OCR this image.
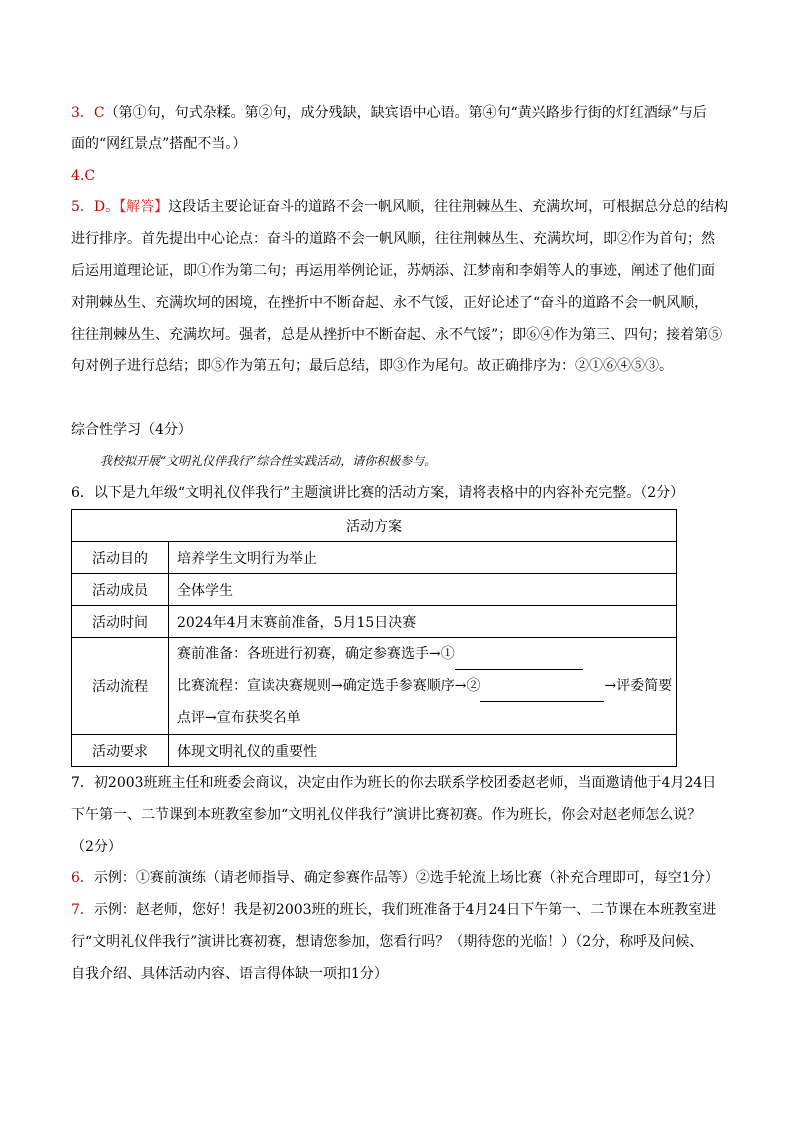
3．C（第①句，句式杂糅。第②句，成分残缺，缺宾语中心语。第④句“黄兴路步行街的灯红酒绿”与后
面的“网红景点”搭配不当。）
4.C
5．D。【解答】这段话主要论证奋斗的道路不会一帆风顺，往往荆棘丛生、充满坎坷，可根据总分总的结构
进行排序。首先提出中心论点：奋斗的道路不会一帆风顺，往往荆棘丛生、充满坎坷，即②作为首句；然
后运用道理论证，即①作为第二句；再运用举例论证，苏炳添、江梦南和李娟等人的事迹，阐述了他们面
对荆棘丛生、充满坎坷的困境，在挫折中不断奋起、永不气馁，正好论述了“奋斗的道路不会一帆风顺，
往往荆棘丛生、充满坎坷。强者，总是从挫折中不断奋起、永不气馁”；即⑥④作为第三、四句；接着第⑤
句对例子进行总结；即⑤作为第五句；最后总结，即③作为尾句。故正确排序为：②①⑥④⑤③。
综合性学习（4分）
我校拟开展“文明礼仪伴我行”综合性实践活动，请你积极参与。
6．以下是九年级“文明礼仪伴我行”主题演讲比赛的活动方案，请将表格中的内容补充完整。（2分）
活动方案	
活动目的	培养学生文明行为举止
活动成员	全体学生
活动时间	2024年4月末赛前准备，5月15日决赛
活动流程	赛前准备：各班进行初赛，确定参赛选手→①
比赛流程：宣读决赛规则→确定选手参赛顺序→② →评委简要
点评→宣布获奖名单

活动要求	体现文明礼仪的重要性
7．初2003班班主任和班委会商议，决定由作为班长的你去联系学校团委赵老师，当面邀请他于4月24日
下午第一、二节课到本班教室参加“文明礼仪伴我行”演讲比赛初赛。作为班长，你会对赵老师怎么说？
（2分）
6．示例：①赛前演练（请老师指导、确定参赛作品等）②选手轮流上场比赛（补充合理即可，每空1分）
7．示例：赵老师，您好！我是初2003班的班长，我们班准备于4月24日下午第一、二节课在本班教室进
行“文明礼仪伴我行”演讲比赛初赛，想请您参加，您看行吗？（期待您的光临！）（2分，称呼及问候、
自我介绍、具体活动内容、语言得体缺一项扣1分）
